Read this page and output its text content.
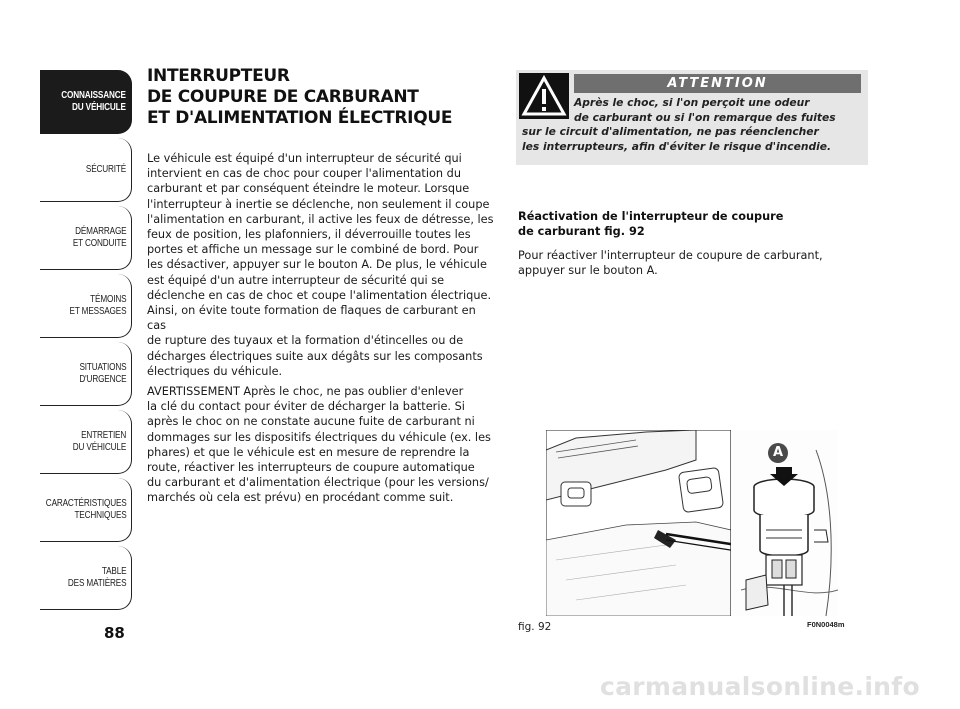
CONNAISSANCE
DU VÉHICULE
SÉCURITÉ
DÉMARRAGE
ET CONDUITE
TÉMOINS
ET MESSAGES
SITUATIONS
D'URGENCE
ENTRETIEN
DU VÉHICULE
CARACTÉRISTIQUES
TECHNIQUES
TABLE
DES MATIÈRES
88
INTERRUPTEUR
DE COUPURE DE CARBURANT
ET D'ALIMENTATION ÉLECTRIQUE

Le véhicule est équipé d'un interrupteur de sécurité qui
intervient en cas de choc pour couper l'alimentation du
carburant et par conséquent éteindre le moteur. Lorsque
l'interrupteur à inertie se déclenche, non seulement il coupe
l'alimentation en carburant, il active les feux de détresse, les
feux de position, les plafonniers, il déverrouille toutes les
portes et affiche un message sur le combiné de bord. Pour
les désactiver, appuyer sur le bouton A. De plus, le véhicule
est équipé d'un autre interrupteur de sécurité qui se
déclenche en cas de choc et coupe l'alimentation électrique.
Ainsi, on évite toute formation de flaques de carburant en cas
de rupture des tuyaux et la formation d'étincelles ou de
décharges électriques suite aux dégâts sur les composants
électriques du véhicule.

AVERTISSEMENT Après le choc, ne pas oublier d'enlever
la clé du contact pour éviter de décharger la batterie. Si
après le choc on ne constate aucune fuite de carburant ni
dommages sur les dispositifs électriques du véhicule (ex. les
phares) et que le véhicule est en mesure de reprendre la
route, réactiver les interrupteurs de coupure automatique
du carburant et d'alimentation électrique (pour les versions/
marchés où cela est prévu) en procédant comme suit.

ATTENTION
Après le choc, si l'on perçoit une odeur
de carburant ou si l'on remarque des fuites
sur le circuit d'alimentation, ne pas réenclencher
les interrupteurs, afin d'éviter le risque d'incendie.
Réactivation de l'interrupteur de coupure
de carburant fig. 92
Pour réactiver l'interrupteur de coupure de carburant,
appuyer sur le bouton A.
A
fig. 92	F0N0048m
carmanualsonline.info
